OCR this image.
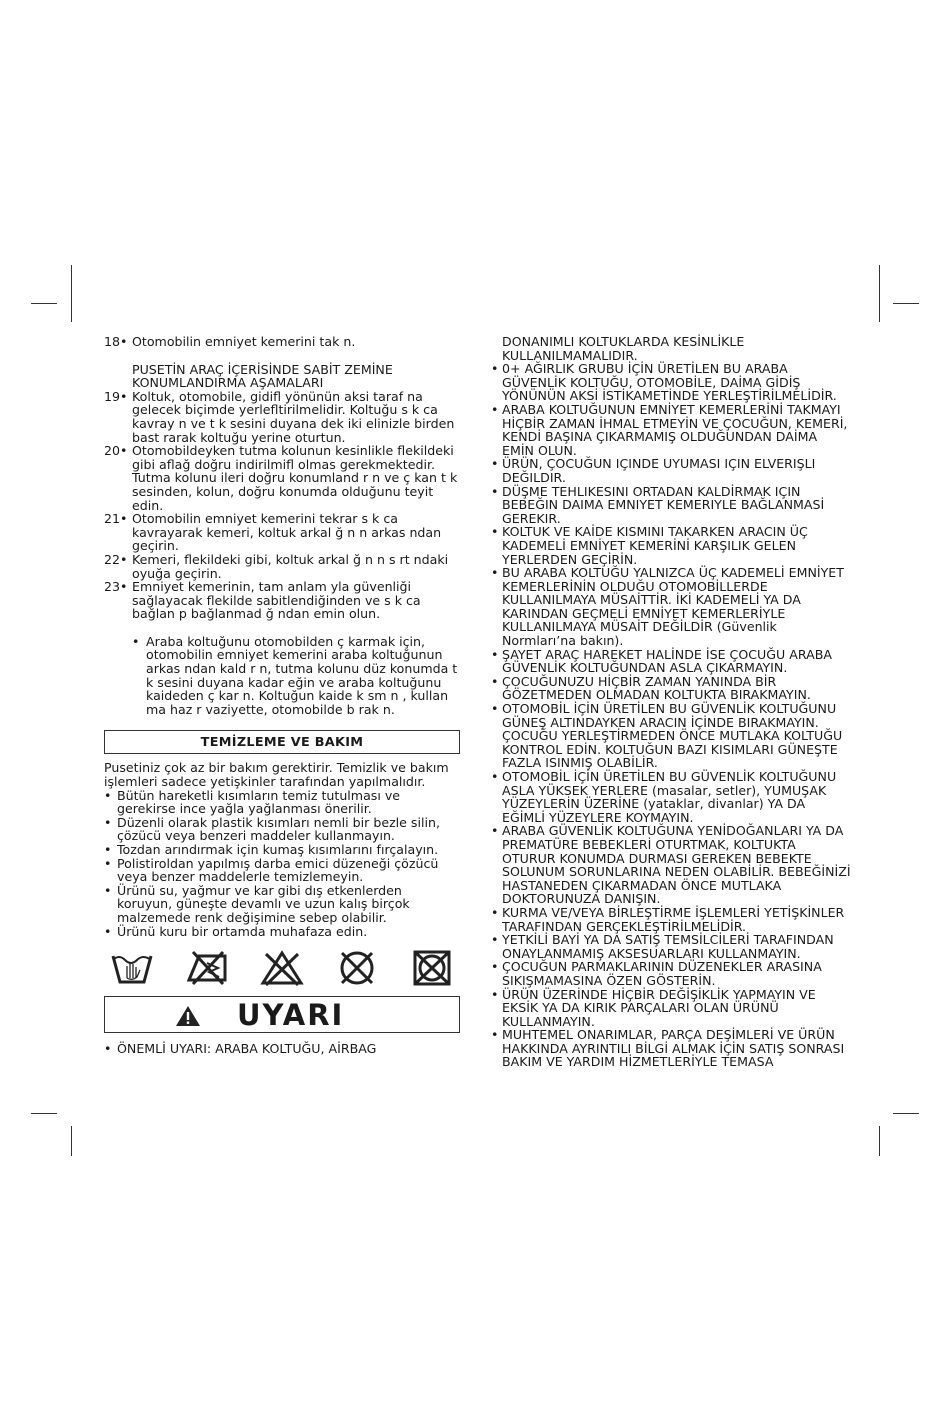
18• Otomobilin emniyet kemerini tak n.

PUSETİN ARAÇ İÇERİSİNDE SABİT ZEMİNE KONUMLANDIRMA AŞAMALARI

19• Koltuk, otomobile, gidifl yönünün aksi taraf na gelecek biçimde yerlefltirilmelidir. Koltuğu s k ca kavray n ve t k sesini duyana dek iki elinizle birden bast rarak koltuğu yerine oturtun.

20• Otomobildeyken tutma kolunun kesinlikle flekildeki gibi aflağ doğru indirilmifl olmas gerekmektedir. Tutma kolunu ileri doğru konumland r n ve ç kan t k sesinden, kolun, doğru konumda olduğunu teyit edin.

21• Otomobilin emniyet kemerini tekrar s k ca kavrayarak kemeri, koltuk arkal ğ n n arkas ndan geçirin.

22• Kemeri, flekildeki gibi, koltuk arkal ğ n n s rt ndaki oyuğa geçirin.

23• Emniyet kemerinin, tam anlam yla güvenliği sağlayacak flekilde sabitlendiğinden ve s k ca bağlan p bağlanmad ğ ndan emin olun.

• Araba koltuğunu otomobilden ç karmak için, otomobilin emniyet kemerini araba koltuğunun arkas ndan kald r n, tutma kolunu düz konumda t k sesini duyana kadar eğin ve araba koltuğunu kaideden ç kar n. Koltuğun kaide k sm n , kullan ma haz r vaziyette, otomobilde b rak n.

TEMİZLEME VE BAKIM

Pusetiniz çok az bir bakım gerektirir. Temizlik ve bakım işlemleri sadece yetişkinler tarafından yapılmalıdır.

• Bütün hareketli kısımların temiz tutulması ve gerekirse ince yağla yağlanması önerilir.

• Düzenli olarak plastik kısımları nemli bir bezle silin, çözücü veya benzeri maddeler kullanmayın.

• Tozdan arındırmak için kumaş kısımlarını fırçalayın.

• Polistiroldan yapılmış darba emici düzeneği çözücü veya benzer maddelerle temizlemeyin.

• Ürünü su, yağmur ve kar gibi dış etkenlerden koruyun, güneşte devamlı ve uzun kalış birçok malzemede renk değişimine sebep olabilir.

• Ürünü kuru bir ortamda muhafaza edin.

UYARI

• ÖNEMLİ UYARI: ARABA KOLTUĞU, AİRBAG

DONANIMLI KOLTUKLARDA KESİNLİKLE KULLANILMAMALIDIR.

• 0+ AĞIRLIK GRUBU İÇİN ÜRETİLEN BU ARABA GÜVENLİK KOLTUĞU, OTOMOBİLE, DAİMA GİDİŞ YÖNÜNÜN AKSİ İSTİKAMETİNDE YERLEŞTİRİLMELİDİR.

• ARABA KOLTUĞUNUN EMNİYET KEMERLERİNİ TAKMAYI HİÇBİR ZAMAN İHMAL ETMEYİN VE ÇOCUĞUN, KEMERİ, KENDİ BAŞINA ÇIKARMAMIŞ OLDUĞUNDAN DAİMA EMİN OLUN.

• ÜRÜN, ÇOCUĞUN IÇINDE UYUMASI IÇIN ELVERIŞLI DEĞILDIR.

• DÜŞME TEHLIKESINI ORTADAN KALDİRMAK IÇIN BEBEĞIN DAIMA EMNIYET KEMERIYLE BAĞLANMASİ GEREKIR.

• KOLTUK VE KAİDE KISMINI TAKARKEN ARACIN ÜÇ KADEMELİ EMNİYET KEMERİNİ KARŞILIK GELEN YERLERDEN GEÇİRİN.

• BU ARABA KOLTUĞU YALNIZCA ÜÇ KADEMELİ EMNİYET KEMERLERİNİN OLDUĞU OTOMOBİLLERDE KULLANILMAYA MÜSAİTTİR. İKİ KADEMELİ YA DA KARINDAN GEÇMELİ EMNİYET KEMERLERİYLE KULLANILMAYA MÜSAİT DEĞİLDİR (Güvenlik Normları’na bakın).

• ŞAYET ARAÇ HAREKET HALİNDE İSE ÇOCUĞU ARABA GÜVENLİK KOLTUĞUNDAN ASLA ÇIKARMAYIN.

• ÇOCUĞUNUZU HİÇBİR ZAMAN YANINDA BİR GÖZETMEDEN OLMADAN KOLTUKTA BIRAKMAYIN.

• OTOMOBİL İÇİN ÜRETİLEN BU GÜVENLİK KOLTUĞUNU GÜNEŞ ALTINDAYKEN ARACIN İÇİNDE BIRAKMAYIN. ÇOCUĞU YERLEŞTİRMEDEN ÖNCE MUTLAKA KOLTUĞU KONTROL EDİN. KOLTUĞUN BAZI KISIMLARI GÜNEŞTE FAZLA ISINMIŞ OLABİLİR.

• OTOMOBİL İÇİN ÜRETİLEN BU GÜVENLİK KOLTUĞUNU ASLA YÜKSEK YERLERE (masalar, setler), YUMUŞAK YÜZEYLERİN ÜZERİNE (yataklar, divanlar) YA DA EĞİMLİ YÜZEYLERE KOYMAYIN.

• ARABA GÜVENLİK KOLTUĞUNA YENİDOĞANLARI YA DA PREMATÜRE BEBEKLERİ OTURTMAK, KOLTUKTA OTURUR KONUMDA DURMASI GEREKEN BEBEKTE SOLUNUM SORUNLARINA NEDEN OLABİLİR. BEBEĞİNİZİ HASTANEDEN ÇIKARMADAN ÖNCE MUTLAKA DOKTORUNUZA DANIŞIN.

• KURMA VE/VEYA BİRLEŞTİRME İŞLEMLERİ YETİŞKİNLER TARAFINDAN GERÇEKLEŞTİRİLMELİDİR.

• YETKİLİ BAYİ YA DA SATIŞ TEMSİLCİLERİ TARAFINDAN ONAYLANMAMIŞ AKSESUARLARI KULLANMAYIN.

• ÇOCUĞUN PARMAKLARININ DÜZENEKLER ARASINA SIKIŞMAMASINA ÖZEN GÖSTERİN.

• ÜRÜN ÜZERİNDE HİÇBİR DEĞİŞİKLİK YAPMAYIN VE EKSİK YA DA KIRIK PARÇALARI OLAN ÜRÜNÜ KULLANMAYIN.

• MUHTEMEL ONARIMLAR, PARÇA DEŞİMLERİ VE ÜRÜN HAKKINDA AYRINTILI BİLGİ ALMAK İÇİN SATIŞ SONRASI BAKIM VE YARDIM HİZMETLERİYLE TEMASA
